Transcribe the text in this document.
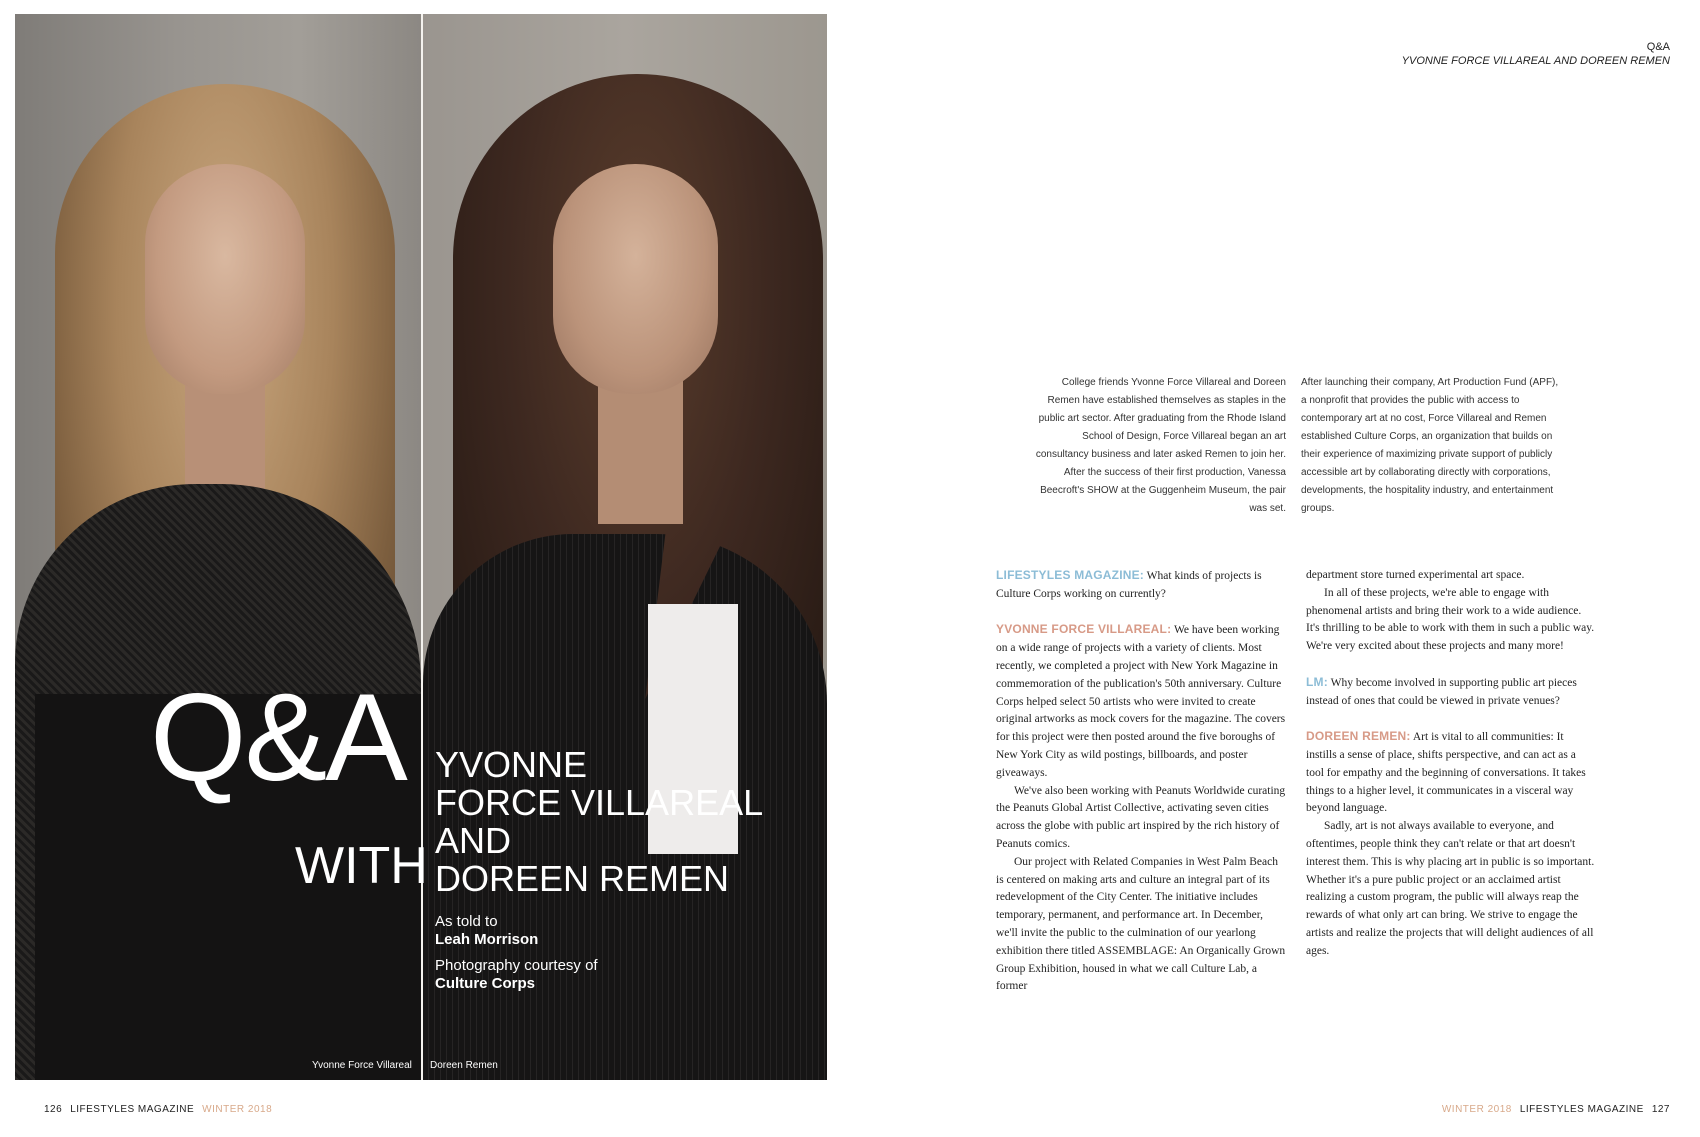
Q&A
WITH
YVONNE
FORCE VILLAREAL
AND
DOREEN REMEN
As told to
Leah Morrison
Photography courtesy of
Culture Corps
Yvonne Force Villareal Doreen Remen
126 LIFESTYLES MAGAZINE WINTER 2018
Q&A
YVONNE FORCE VILLAREAL AND DOREEN REMEN
College friends Yvonne Force Villareal and Doreen Remen have established themselves as staples in the public art sector. After graduating from the Rhode Island School of Design, Force Villareal began an art consultancy business and later asked Remen to join her. After the success of their first production, Vanessa Beecroft's SHOW at the Guggenheim Museum, the pair was set.
After launching their company, Art Production Fund (APF), a nonprofit that provides the public with access to contemporary art at no cost, Force Villareal and Remen established Culture Corps, an organization that builds on their experience of maximizing private support of publicly accessible art by collaborating directly with corporations, developments, the hospitality industry, and entertainment groups.

LIFESTYLES MAGAZINE: What kinds of projects is Culture Corps working on currently?

YVONNE FORCE VILLAREAL: We have been working on a wide range of projects with a variety of clients. Most recently, we completed a project with New York Magazine in commemoration of the publication's 50th anniversary. Culture Corps helped select 50 artists who were invited to create original artworks as mock covers for the magazine. The covers for this project were then posted around the five boroughs of New York City as wild postings, billboards, and poster giveaways.

We've also been working with Peanuts Worldwide curating the Peanuts Global Artist Collective, activating seven cities across the globe with public art inspired by the rich history of Peanuts comics.

Our project with Related Companies in West Palm Beach is centered on making arts and culture an integral part of its redevelopment of the City Center. The initiative includes temporary, permanent, and performance art. In December, we'll invite the public to the culmination of our yearlong exhibition there titled ASSEMBLAGE: An Organically Grown Group Exhibition, housed in what we call Culture Lab, a former

department store turned experimental art space.

In all of these projects, we're able to engage with phenomenal artists and bring their work to a wide audience. It's thrilling to be able to work with them in such a public way. We're very excited about these projects and many more!

LM: Why become involved in supporting public art pieces instead of ones that could be viewed in private venues?

DOREEN REMEN: Art is vital to all communities: It instills a sense of place, shifts perspective, and can act as a tool for empathy and the beginning of conversations. It takes things to a higher level, it communicates in a visceral way beyond language.

Sadly, art is not always available to everyone, and oftentimes, people think they can't relate or that art doesn't interest them. This is why placing art in public is so important. Whether it's a pure public project or an acclaimed artist realizing a custom program, the public will always reap the rewards of what only art can bring. We strive to engage the artists and realize the projects that will delight audiences of all ages.

WINTER 2018 LIFESTYLES MAGAZINE 127
